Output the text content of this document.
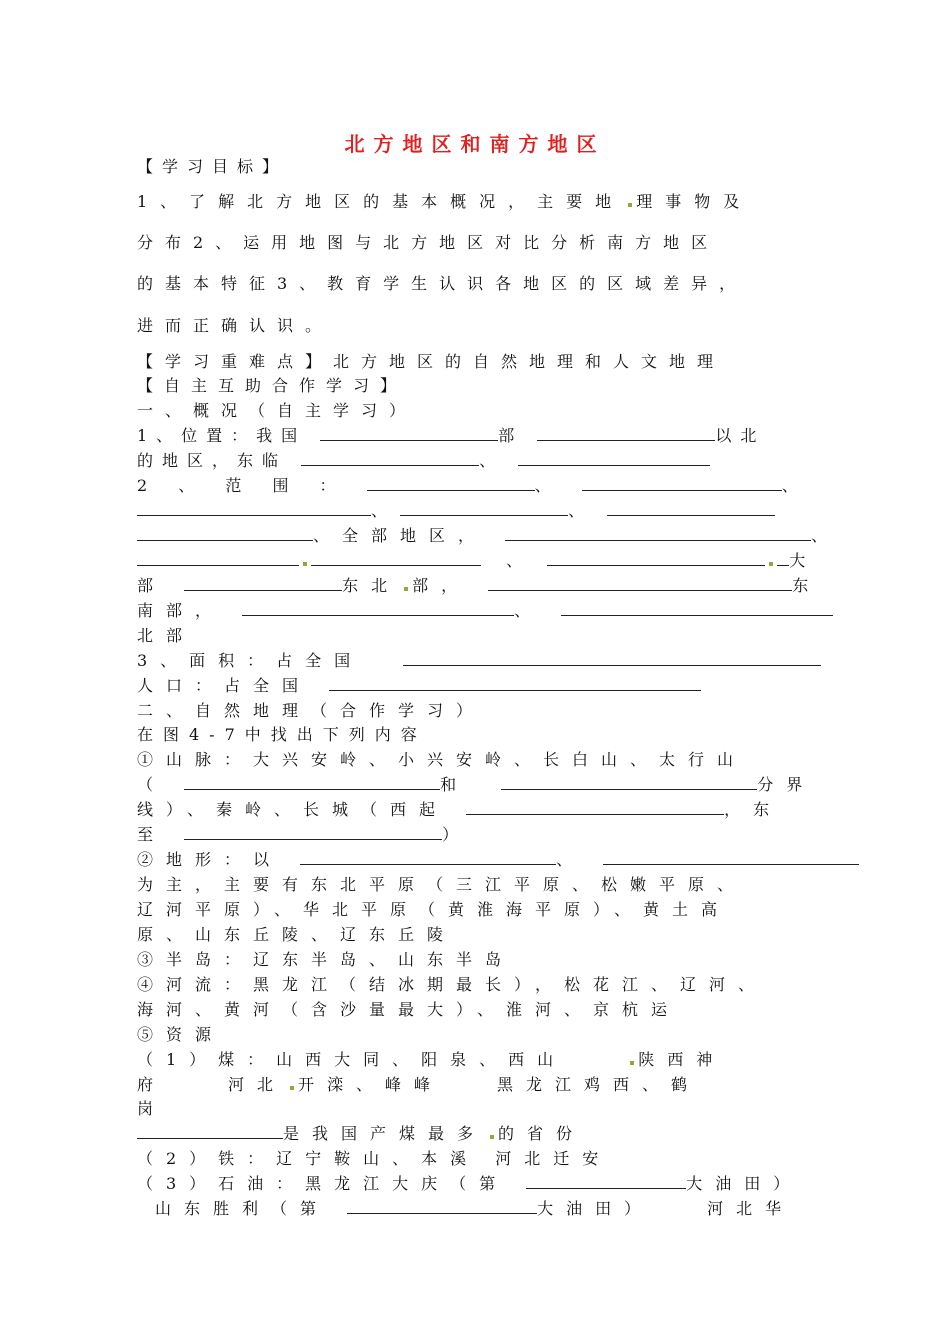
北方地区和南方地区
【学习目标】
1、了解北方地区的基本概况，主要地 理事物及
分布2、运用地图与北方地区对比分析南方地区
的基本特征3、教育学生认识各地区的区域差异，
进而正确认识。
【学习重难点】北方地区的自然地理和人文地理
【自主互助合作学习】
一、概况（自主学习）
1、位置：我国	部	以北
的地区，东临	、
2 、 范 围 ：	、	、
、	、
、全部地区，	、
、	大
部	东北 部，	东
南部，	、
北部
3、面积：占全国
人口：占全国
二、自然地理（合作学习）
在图4-7中找出下列内容
①山脉：大兴安岭、小兴安岭、长白山、太行山
（	和	分界
线）、秦岭、长城（西起	，东
至	）
②地形：以	、
为主，主要有东北平原（三江平原、松嫩平原、
辽河平原）、华北平原（黄淮海平原）、黄土高
原、山东丘陵、辽东丘陵
③半岛：辽东半岛、山东半岛
④河流：黑龙江（结冰期最长），松花江、辽河、
海河、黄河（含沙量最大）、淮河、京杭运
⑤资源
（1）煤：山西大同、阳泉、西山	陕西神
府	河北 开滦、峰峰	黑龙江鸡西、鹤
岗
是我国产煤最多 的省份
（2）铁：辽宁鞍山、本溪 河北迁安
（3）石油：黑龙江大庆（第	大油田）
山东胜利（第	大油田）	河北华
